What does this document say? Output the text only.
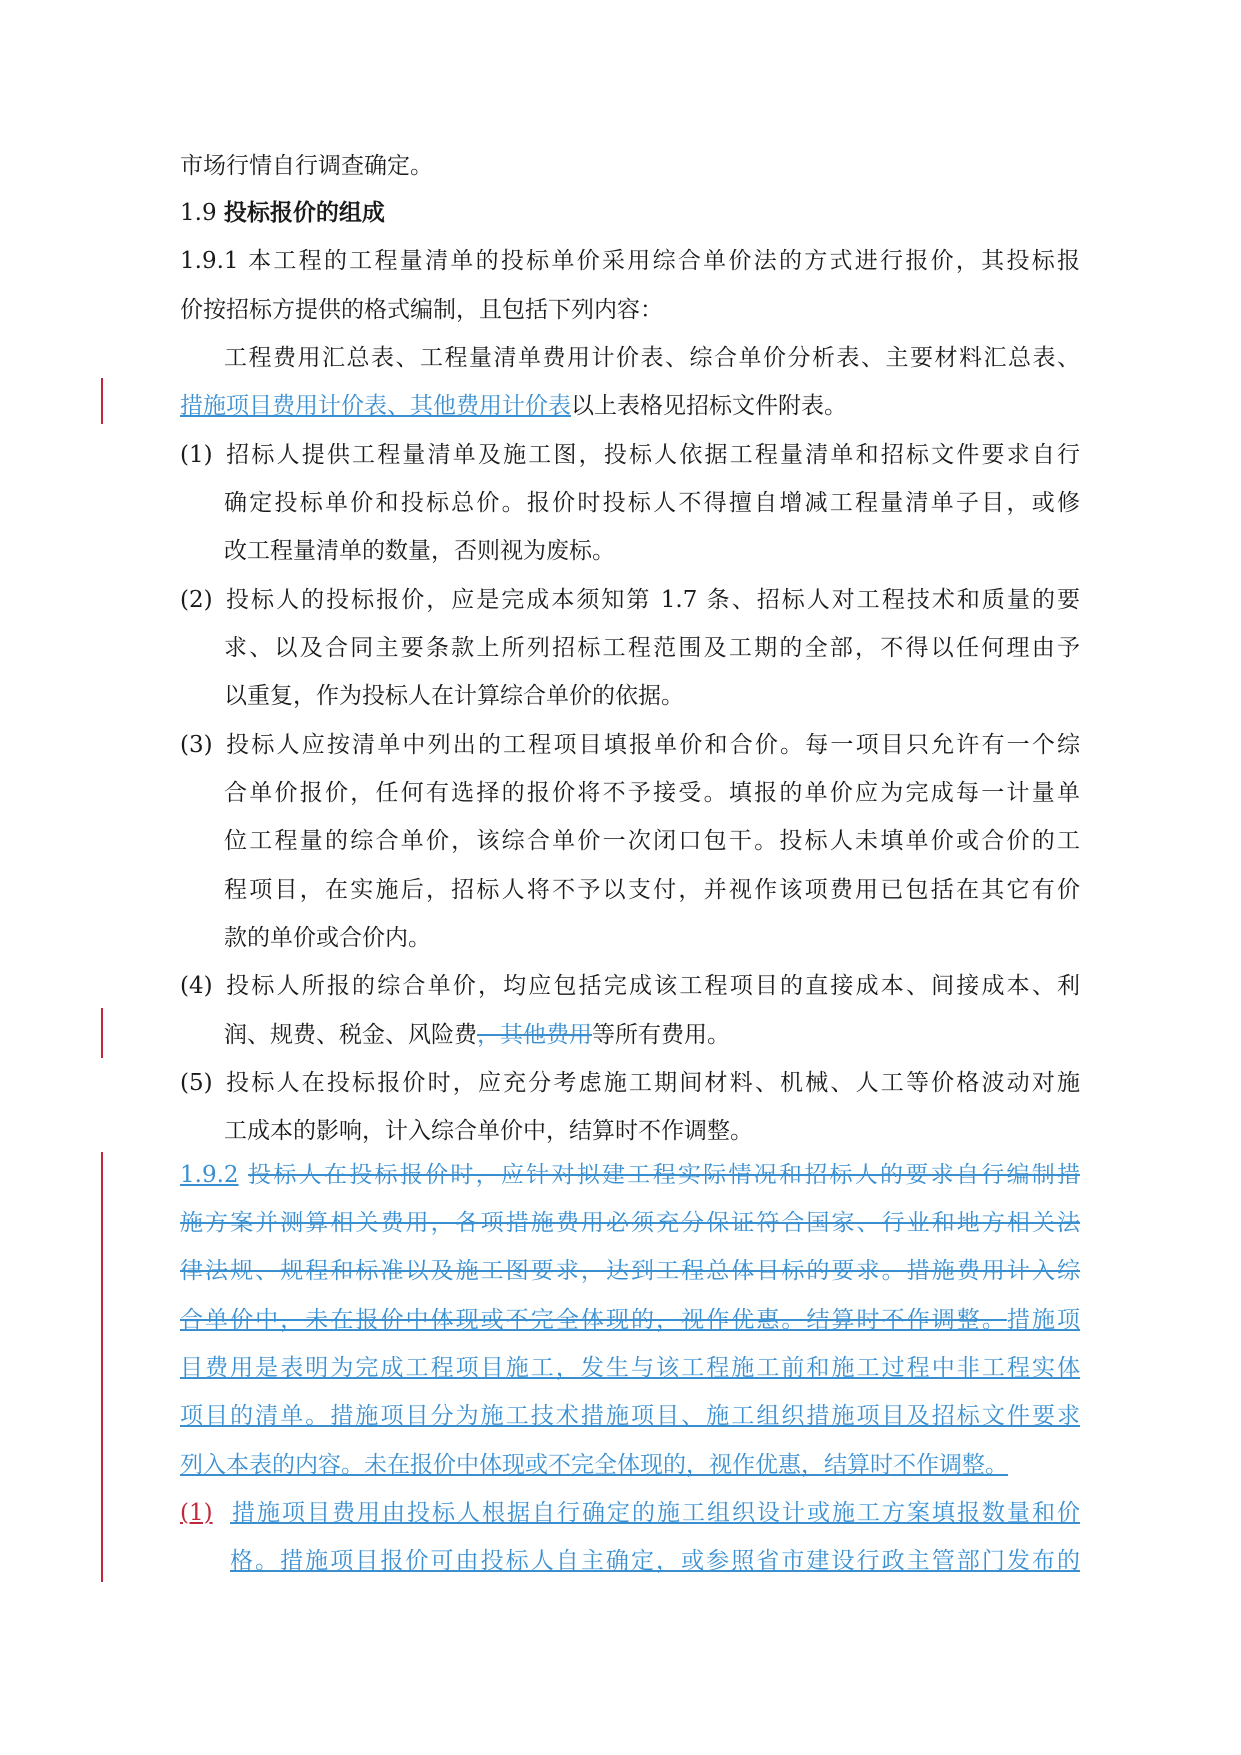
市场行情自行调查确定。
1.9 投标报价的组成
1.9.1 本工程的工程量清单的投标单价采用综合单价法的方式进行报价，其投标报
价按招标方提供的格式编制，且包括下列内容：
工程费用汇总表、工程量清单费用计价表、综合单价分析表、主要材料汇总表、
措施项目费用计价表、其他费用计价表以上表格见招标文件附表。
(1) 招标人提供工程量清单及施工图，投标人依据工程量清单和招标文件要求自行
确定投标单价和投标总价。报价时投标人不得擅自增减工程量清单子目，或修
改工程量清单的数量，否则视为废标。
(2) 投标人的投标报价，应是完成本须知第 1.7 条、招标人对工程技术和质量的要
求、以及合同主要条款上所列招标工程范围及工期的全部，不得以任何理由予
以重复，作为投标人在计算综合单价的依据。
(3) 投标人应按清单中列出的工程项目填报单价和合价。每一项目只允许有一个综
合单价报价，任何有选择的报价将不予接受。填报的单价应为完成每一计量单
位工程量的综合单价，该综合单价一次闭口包干。投标人未填单价或合价的工
程项目，在实施后，招标人将不予以支付，并视作该项费用已包括在其它有价
款的单价或合价内。
(4) 投标人所报的综合单价，均应包括完成该工程项目的直接成本、间接成本、利
润、规费、税金、风险费，其他费用等所有费用。
(5) 投标人在投标报价时，应充分考虑施工期间材料、机械、人工等价格波动对施
工成本的影响，计入综合单价中，结算时不作调整。
1.9.2 投标人在投标报价时，应针对拟建工程实际情况和招标人的要求自行编制措
施方案并测算相关费用，各项措施费用必须充分保证符合国家、行业和地方相关法
律法规、规程和标准以及施工图要求，达到工程总体目标的要求。措施费用计入综
合单价中，未在报价中体现或不完全体现的，视作优惠。结算时不作调整。措施项
目费用是表明为完成工程项目施工，发生与该工程施工前和施工过程中非工程实体
项目的清单。措施项目分为施工技术措施项目、施工组织措施项目及招标文件要求
列入本表的内容。未在报价中体现或不完全体现的，视作优惠，结算时不作调整。
(1) 措施项目费用由投标人根据自行确定的施工组织设计或施工方案填报数量和价
格。措施项目报价可由投标人自主确定，或参照省市建设行政主管部门发布的
